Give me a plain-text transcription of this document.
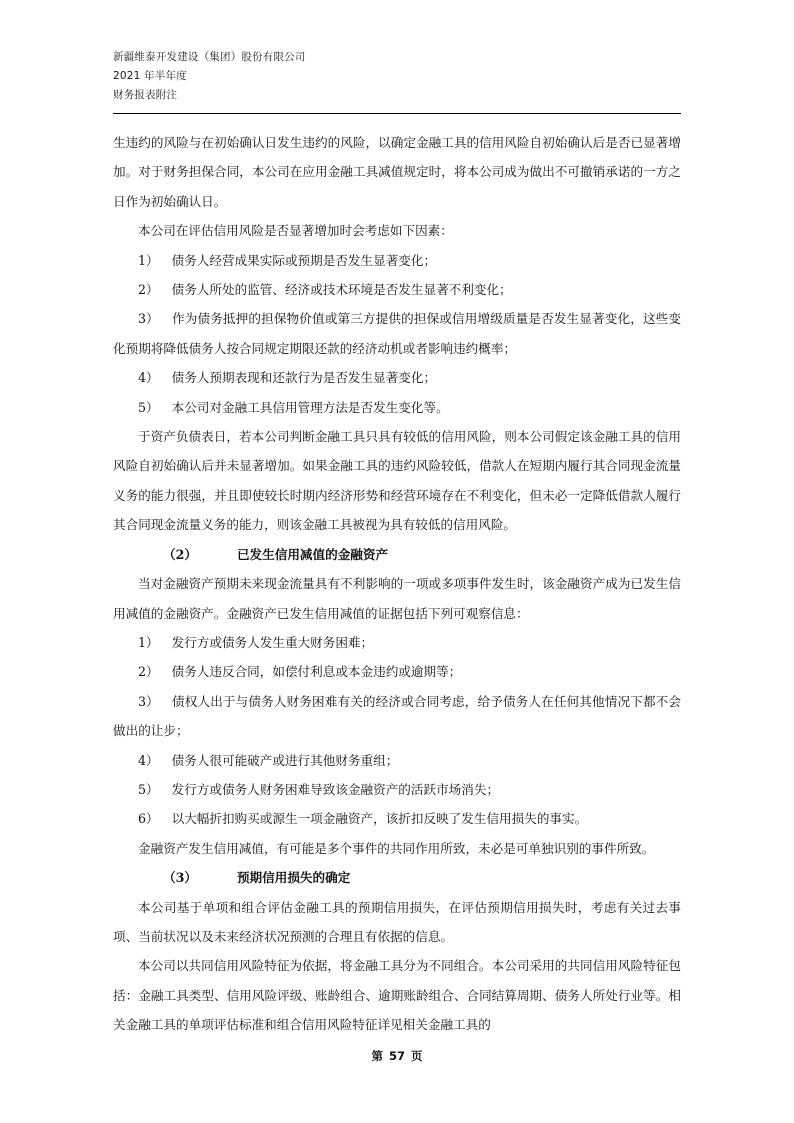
新疆维泰开发建设（集团）股份有限公司

2021 年半年度

财务报表附注

生违约的风险与在初始确认日发生违约的风险，以确定金融工具的信用风险自初始确认后是否已显著增加。对于财务担保合同，本公司在应用金融工具减值规定时，将本公司成为做出不可撤销承诺的一方之日作为初始确认日。

本公司在评估信用风险是否显著增加时会考虑如下因素：

1） 债务人经营成果实际或预期是否发生显著变化；

2） 债务人所处的监管、经济或技术环境是否发生显著不利变化；

3） 作为债务抵押的担保物价值或第三方提供的担保或信用增级质量是否发生显著变化，这些变化预期将降低债务人按合同规定期限还款的经济动机或者影响违约概率；

4） 债务人预期表现和还款行为是否发生显著变化；

5） 本公司对金融工具信用管理方法是否发生变化等。

于资产负债表日，若本公司判断金融工具只具有较低的信用风险，则本公司假定该金融工具的信用风险自初始确认后并未显著增加。如果金融工具的违约风险较低，借款人在短期内履行其合同现金流量义务的能力很强，并且即使较长时期内经济形势和经营环境存在不利变化，但未必一定降低借款人履行其合同现金流量义务的能力，则该金融工具被视为具有较低的信用风险。

（2）	已发生信用减值的金融资产

当对金融资产预期未来现金流量具有不利影响的一项或多项事件发生时，该金融资产成为已发生信用减值的金融资产。金融资产已发生信用减值的证据包括下列可观察信息：

1） 发行方或债务人发生重大财务困难；

2） 债务人违反合同，如偿付利息或本金违约或逾期等；

3） 债权人出于与债务人财务困难有关的经济或合同考虑，给予债务人在任何其他情况下都不会做出的让步；

4） 债务人很可能破产或进行其他财务重组；

5） 发行方或债务人财务困难导致该金融资产的活跃市场消失；

6） 以大幅折扣购买或源生一项金融资产，该折扣反映了发生信用损失的事实。

金融资产发生信用减值，有可能是多个事件的共同作用所致，未必是可单独识别的事件所致。

（3）	预期信用损失的确定

本公司基于单项和组合评估金融工具的预期信用损失，在评估预期信用损失时，考虑有关过去事项、当前状况以及未来经济状况预测的合理且有依据的信息。

本公司以共同信用风险特征为依据，将金融工具分为不同组合。本公司采用的共同信用风险特征包括：金融工具类型、信用风险评级、账龄组合、逾期账龄组合、合同结算周期、债务人所处行业等。相关金融工具的单项评估标准和组合信用风险特征详见相关金融工具的

第 57 页
